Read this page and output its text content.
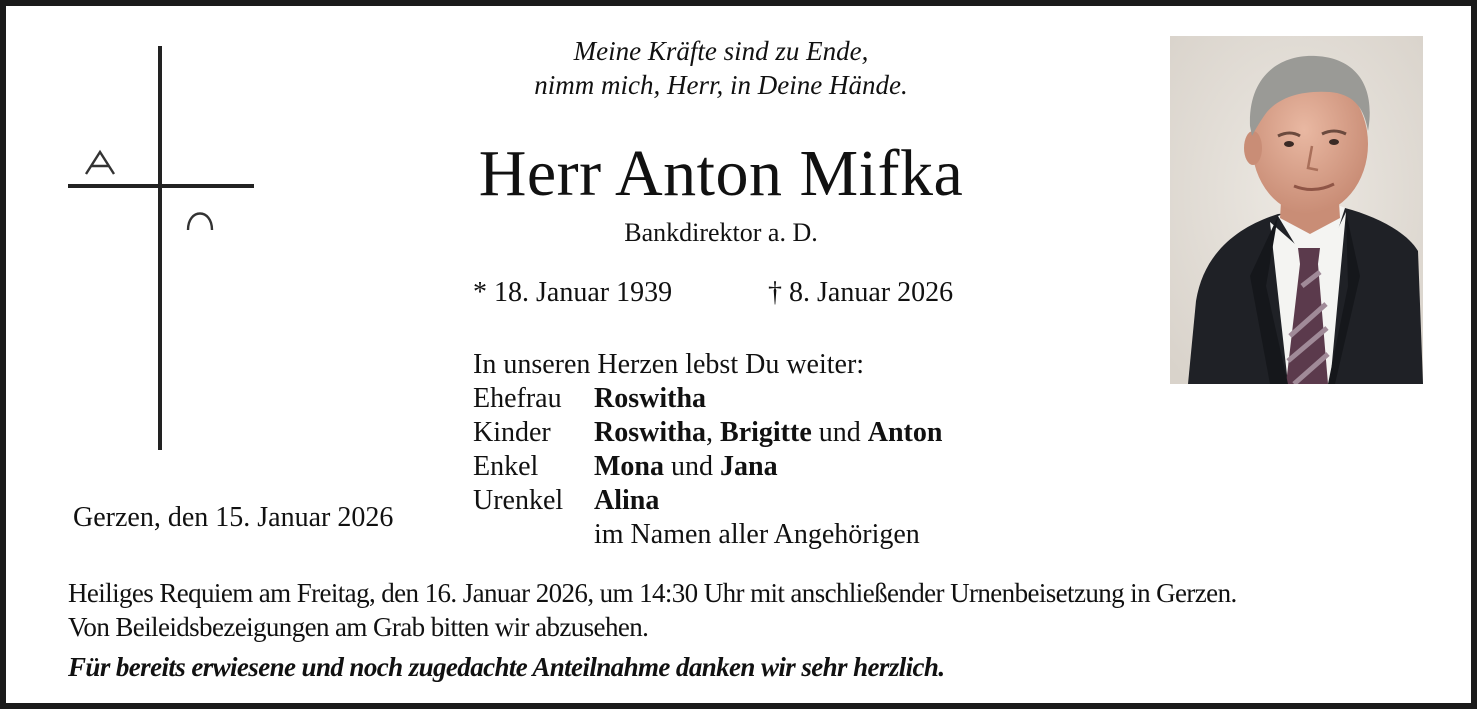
Meine Kräfte sind zu Ende,
nimm mich, Herr, in Deine Hände.
Herr Anton Mifka
Bankdirektor a. D.
* 18. Januar 1939	† 8. Januar 2026
In unseren Herzen lebst Du weiter:
Ehefrau Roswitha
Kinder Roswitha, Brigitte und Anton
Enkel Mona und Jana
Urenkel Alina
im Namen aller Angehörigen
Gerzen, den 15. Januar 2026
Heiliges Requiem am Freitag, den 16. Januar 2026, um 14:30 Uhr mit anschließender Urnenbeisetzung in Gerzen.
Von Beileidsbezeigungen am Grab bitten wir abzusehen.
Für bereits erwiesene und noch zugedachte Anteilnahme danken wir sehr herzlich.
